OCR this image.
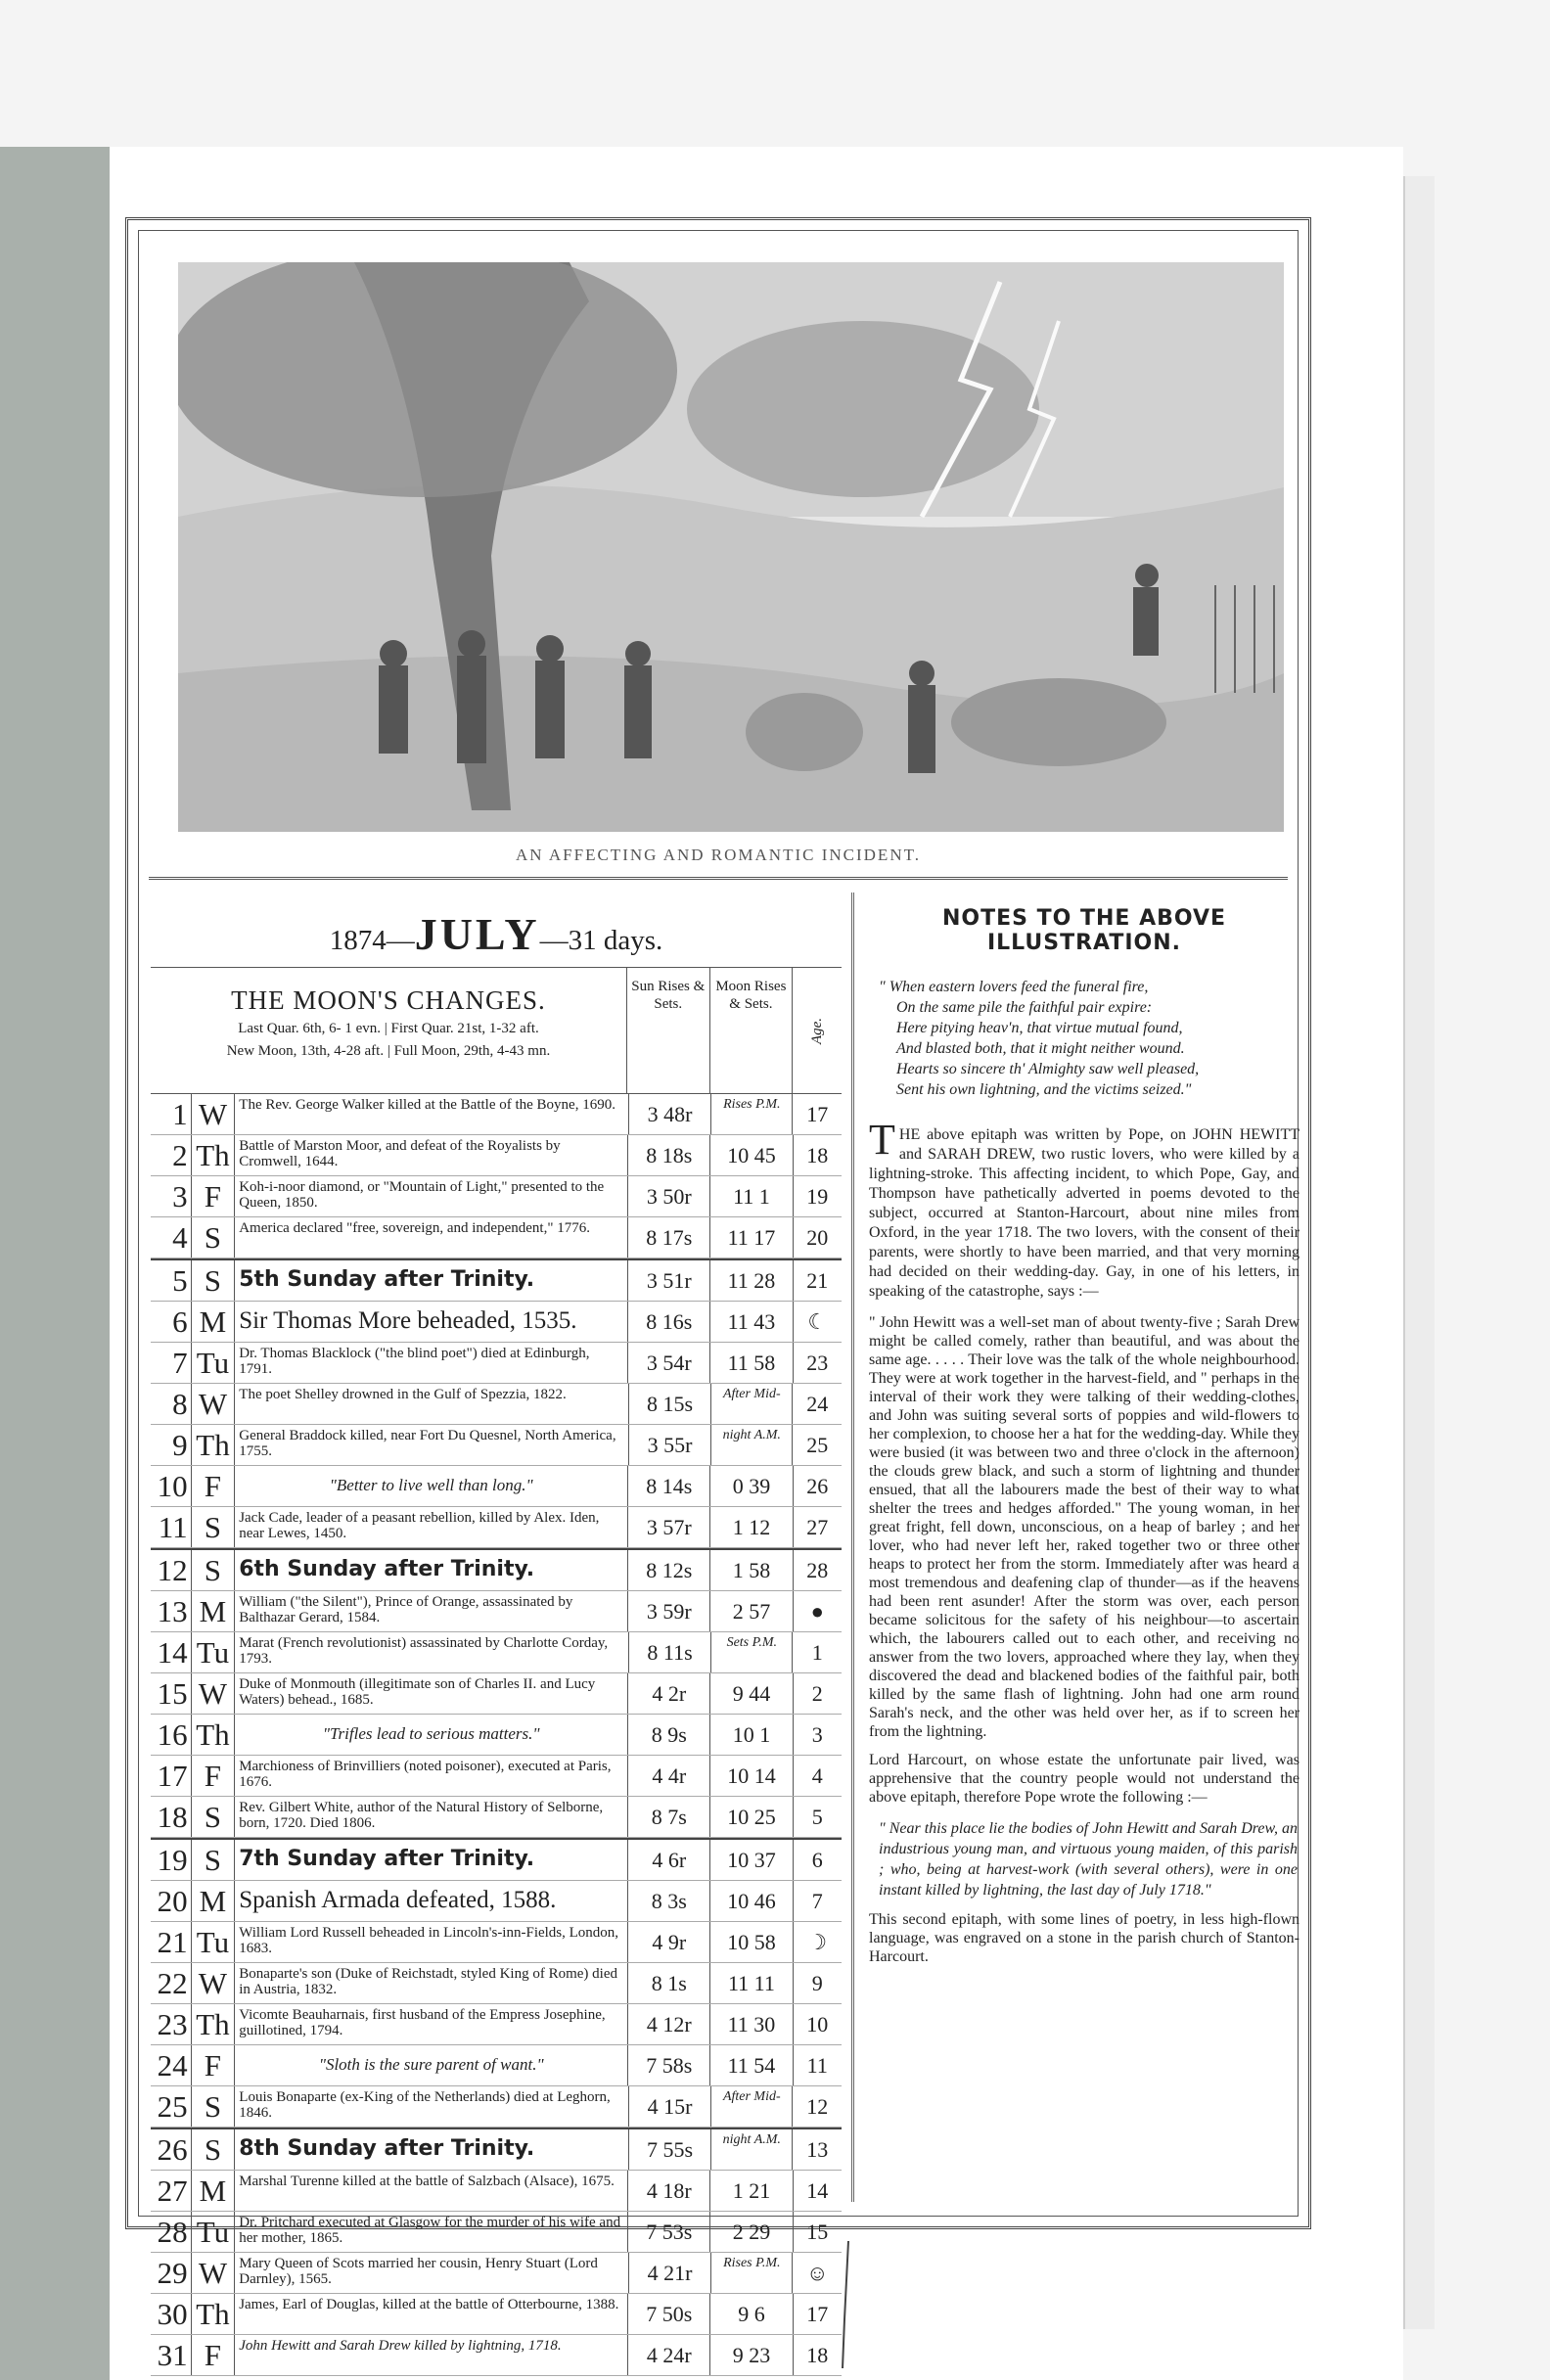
AN AFFECTING AND ROMANTIC INCIDENT.
1874—JULY—31 days.
THE MOON'S CHANGES.
Last Quar. 6th, 6- 1 evn. | First Quar. 21st, 1-32 aft.
New Moon, 13th, 4-28 aft. | Full Moon, 29th, 4-43 mn.
Sun Rises & Sets.
Moon Rises & Sets.
Age.
1 W The Rev. George Walker killed at the Battle of the Boyne, 1690.	3 48r	Rises P.M.	17
2 Th Battle of Marston Moor, and defeat of the Royalists by Cromwell, 1644.	8 18s	10 45	18
3 F	Koh-i-noor diamond, or "Mountain of Light," presented to the Queen, 1850.	3 50r	11 1	19
4 S	America declared "free, sovereign, and independent," 1776.	8 17s	11 17	20
5 S 5th Sunday after Trinity.	3 51r	11 28	21
6 M Sir Thomas More beheaded, 1535.	8 16s	11 43	☾
7 Tu Dr. Thomas Blacklock ("the blind poet") died at Edinburgh, 1791.	3 54r	11 58	23
8 W The poet Shelley drowned in the Gulf of Spezzia, 1822.	8 15s	After Mid-	24
9 Th General Braddock killed, near Fort Du Quesnel, North America, 1755.	3 55r	night A.M.	25
10 F	"Better to live well than long."	8 14s	0 39	26
11 S	Jack Cade, leader of a peasant rebellion, killed by Alex. Iden, near Lewes, 1450.	3 57r	1 12	27
12 S 6th Sunday after Trinity.	8 12s	1 58	28
13 M William ("the Silent"), Prince of Orange, assassinated by Balthazar Gerard, 1584.	3 59r	2 57	●
14 Tu Marat (French revolutionist) assassinated by Charlotte Corday, 1793.	8 11s	Sets P.M.	1
15 W Duke of Monmouth (illegitimate son of Charles II. and Lucy Waters) behead., 1685.	4 2r	9 44	2
16 Th	"Trifles lead to serious matters."	8 9s	10 1	3
17 F	Marchioness of Brinvilliers (noted poisoner), executed at Paris, 1676.	4 4r	10 14	4
18 S	Rev. Gilbert White, author of the Natural History of Selborne, born, 1720. Died 1806.	8 7s	10 25	5
19 S 7th Sunday after Trinity.	4 6r	10 37	6
20 M Spanish Armada defeated, 1588.	8 3s	10 46	7
21 Tu William Lord Russell beheaded in Lincoln's-inn-Fields, London, 1683.	4 9r	10 58	☽
22 W Bonaparte's son (Duke of Reichstadt, styled King of Rome) died in Austria, 1832.	8 1s	11 11	9
23 Th Vicomte Beauharnais, first husband of the Empress Josephine, guillotined, 1794.	4 12r	11 30	10
24 F	"Sloth is the sure parent of want."	7 58s	11 54	11
25 S	Louis Bonaparte (ex-King of the Netherlands) died at Leghorn, 1846.	4 15r	After Mid-	12
26 S 8th Sunday after Trinity.	7 55s	night A.M.	13
27 M Marshal Turenne killed at the battle of Salzbach (Alsace), 1675.	4 18r	1 21	14
28 Tu Dr. Pritchard executed at Glasgow for the murder of his wife and her mother, 1865.	7 53s	2 29	15
29 W Mary Queen of Scots married her cousin, Henry Stuart (Lord Darnley), 1565.	4 21r	Rises P.M.	☺
30 Th James, Earl of Douglas, killed at the battle of Otterbourne, 1388.	7 50s	9 6	17
31 F	John Hewitt and Sarah Drew killed by lightning, 1718.	4 24r	9 23	18
NOTES TO THE ABOVE ILLUSTRATION.
" When eastern lovers feed the funeral fire,
On the same pile the faithful pair expire:
Here pitying heav'n, that virtue mutual found,
And blasted both, that it might neither wound.
Hearts so sincere th' Almighty saw well pleased,
Sent his own lightning, and the victims seized."
THE above epitaph was written by Pope, on JOHN HEWITT and SARAH DREW, two rustic lovers, who were killed by a lightning-stroke. This affecting incident, to which Pope, Gay, and Thompson have pathetically adverted in poems devoted to the subject, occurred at Stanton-Harcourt, about nine miles from Oxford, in the year 1718. The two lovers, with the consent of their parents, were shortly to have been married, and that very morning had decided on their wedding-day. Gay, in one of his letters, in speaking of the catastrophe, says :—
" John Hewitt was a well-set man of about twenty-five ; Sarah Drew might be called comely, rather than beautiful, and was about the same age. . . . . Their love was the talk of the whole neighbourhood. They were at work together in the harvest-field, and " perhaps in the interval of their work they were talking of their wedding-clothes, and John was suiting several sorts of poppies and wild-flowers to her complexion, to choose her a hat for the wedding-day. While they were busied (it was between two and three o'clock in the afternoon) the clouds grew black, and such a storm of lightning and thunder ensued, that all the labourers made the best of their way to what shelter the trees and hedges afforded." The young woman, in her great fright, fell down, unconscious, on a heap of barley ; and her lover, who had never left her, raked together two or three other heaps to protect her from the storm. Immediately after was heard a most tremendous and deafening clap of thunder—as if the heavens had been rent asunder! After the storm was over, each person became solicitous for the safety of his neighbour—to ascertain which, the labourers called out to each other, and receiving no answer from the two lovers, approached where they lay, when they discovered the dead and blackened bodies of the faithful pair, both killed by the same flash of lightning. John had one arm round Sarah's neck, and the other was held over her, as if to screen her from the lightning.
Lord Harcourt, on whose estate the unfortunate pair lived, was apprehensive that the country people would not understand the above epitaph, therefore Pope wrote the following :—
" Near this place lie the bodies of John Hewitt and Sarah Drew, an industrious young man, and virtuous young maiden, of this parish ; who, being at harvest-work (with several others), were in one instant killed by lightning, the last day of July 1718."
This second epitaph, with some lines of poetry, in less high-flown language, was engraved on a stone in the parish church of Stanton-Harcourt.
